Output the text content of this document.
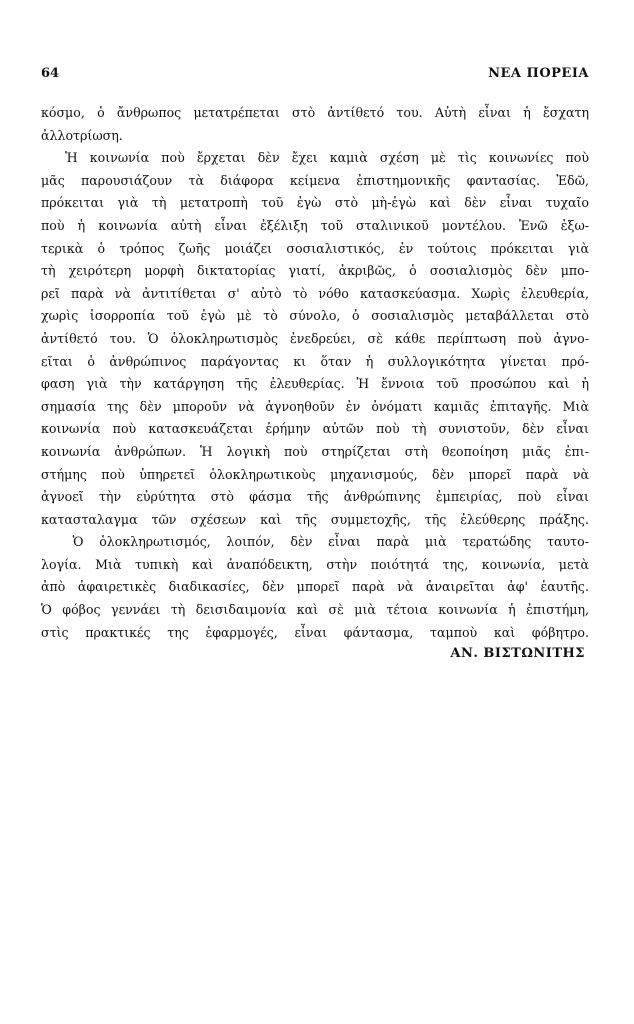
64	ΝΕΑ ΠΟΡΕΙΑ
κόσμο, ὁ ἄνθρωπος μετατρέπεται στὸ ἀντίθετό του. Αὐτὴ εἶναι ἡ ἔσχατη
ἀλλοτρίωση.
Ἡ κοινωνία ποὺ ἔρχεται δὲν ἔχει καμιὰ σχέση μὲ τὶς κοινωνίες ποὺ
μᾶς παρουσιάζουν τὰ διάφορα κείμενα ἐπιστημονικῆς φαντασίας. Ἐδῶ,
πρόκειται γιὰ τὴ μετατροπὴ τοῦ ἐγὼ στὸ μὴ-ἐγὼ καὶ δὲν εἶναι τυχαῖο
ποὺ ἡ κοινωνία αὐτὴ εἶναι ἐξέλιξη τοῦ σταλινικοῦ μοντέλου. Ἐνῶ ἐξω-
τερικὰ ὁ τρόπος ζωῆς μοιάζει σοσιαλιστικός, ἐν τούτοις πρόκειται γιὰ
τὴ χειρότερη μορφὴ δικτατορίας γιατί, ἀκριβῶς, ὁ σοσιαλισμὸς δὲν μπο-
ρεῖ παρὰ νὰ ἀντιτίθεται σ' αὐτὸ τὸ νόθο κατασκεύασμα. Χωρὶς ἐλευθερία,
χωρὶς ἰσορροπία τοῦ ἐγὼ μὲ τὸ σύνολο, ὁ σοσιαλισμὸς μεταβάλλεται στὸ
ἀντίθετό του. Ὁ ὁλοκληρωτισμὸς ἐνεδρεύει, σὲ κάθε περίπτωση ποὺ ἀγνο-
εῖται ὁ ἀνθρώπινος παράγοντας κι ὅταν ἡ συλλογικότητα γίνεται πρό-
φαση γιὰ τὴν κατάργηση τῆς ἐλευθερίας. Ἡ ἔννοια τοῦ προσώπου καὶ ἡ
σημασία της δὲν μποροῦν νὰ ἀγνοηθοῦν ἐν ὀνόματι καμιᾶς ἐπιταγῆς. Μιὰ
κοινωνία ποὺ κατασκευάζεται ἐρήμην αὐτῶν ποὺ τὴ συνιστοῦν, δὲν εἶναι
κοινωνία ἀνθρώπων. Ἡ λογικὴ ποὺ στηρίζεται στὴ θεοποίηση μιᾶς ἐπι-
στήμης ποὺ ὑπηρετεῖ ὁλοκληρωτικοὺς μηχανισμούς, δὲν μπορεῖ παρὰ νὰ
ἀγνοεῖ τὴν εὐρύτητα στὸ φάσμα τῆς ἀνθρώπινης ἐμπειρίας, ποὺ εἶναι
κατασταλαγμα τῶν σχέσεων καὶ τῆς συμμετοχῆς, τῆς ἐλεύθερης πράξης.
Ὁ ὁλοκληρωτισμός, λοιπόν, δὲν εἶναι παρὰ μιὰ τερατώδης ταυτο-
λογία. Μιὰ τυπικὴ καὶ ἀναπόδεικτη, στὴν ποιότητά της, κοινωνία, μετὰ
ἀπὸ ἀφαιρετικὲς διαδικασίες, δὲν μπορεῖ παρὰ νὰ ἀναιρεῖται ἀφ' ἑαυτῆς.
Ὁ φόβος γεννάει τὴ δεισιδαιμονία καὶ σὲ μιὰ τέτοια κοινωνία ἡ ἐπιστήμη,
στὶς πρακτικές της ἐφαρμογές, εἶναι φάντασμα, ταμποὺ καὶ φόβητρο.
ΑΝ. ΒΙΣΤΩΝΙΤΗΣ
